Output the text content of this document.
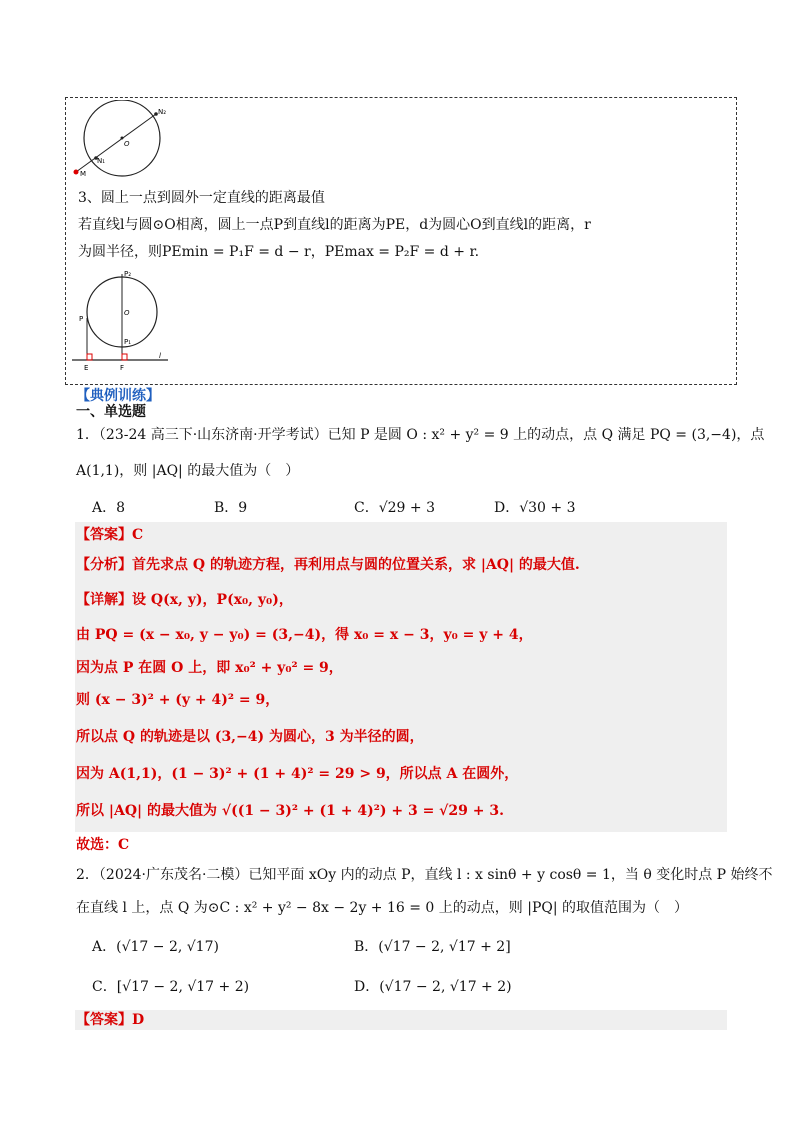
N₂
O
N₁
M
3、圆上一点到圆外一定直线的距离最值
若直线l与圆⊙O相离，圆上一点P到直线l的距离为PE，d为圆心O到直线l的距离，r
为圆半径，则PEmin = P₁F = d − r，PEmax = P₂F = d + r.
P₂
P
O
P₁
E	F
l
【典例训练】
一、单选题
1．（23-24 高三下·山东济南·开学考试）已知 P 是圆 O : x² + y² = 9 上的动点，点 Q 满足 PQ = (3,−4)，点
A(1,1)，则 |AQ| 的最大值为（　）
A．8	B．9	C．√29 + 3	D．√30 + 3
【答案】C
【分析】首先求点 Q 的轨迹方程，再利用点与圆的位置关系，求 |AQ| 的最大值.
【详解】设 Q(x, y)，P(x₀, y₀)，
由 PQ = (x − x₀, y − y₀) = (3,−4)，得 x₀ = x − 3，y₀ = y + 4，
因为点 P 在圆 O 上，即 x₀² + y₀² = 9，
则 (x − 3)² + (y + 4)² = 9，
所以点 Q 的轨迹是以 (3,−4) 为圆心，3 为半径的圆，
因为 A(1,1)，(1 − 3)² + (1 + 4)² = 29 > 9，所以点 A 在圆外，
所以 |AQ| 的最大值为 √((1 − 3)² + (1 + 4)²) + 3 = √29 + 3.
故选：C
2．（2024·广东茂名·二模）已知平面 xOy 内的动点 P，直线 l : x sinθ + y cosθ = 1，当 θ 变化时点 P 始终不
在直线 l 上，点 Q 为⊙C : x² + y² − 8x − 2y + 16 = 0 上的动点，则 |PQ| 的取值范围为（　）
A．(√17 − 2, √17)	B．(√17 − 2, √17 + 2]
C．[√17 − 2, √17 + 2)	D．(√17 − 2, √17 + 2)
【答案】D
